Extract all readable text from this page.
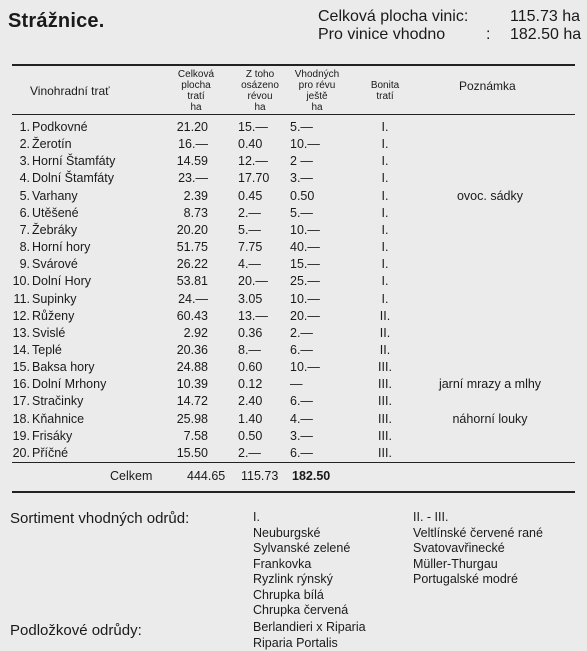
Strážnice.	Celková plocha vinic:	115.73 ha
Pro vinice vhodno	: 182.50 ha
Vinohradní trať
Celková
plocha
tratí
ha
Z toho
osázeno
révou
ha
Vhodných
pro révu
ještě
ha
Bonita
tratí
Poznámka
1. Podkovné	21.20 15.—	5.—	I.
2. Žerotín	16.— 0.40	10.—	I.
3. Horní Štamfáty	14.59 12.—	2 —	I.
4. Dolní Štamfáty	23.— 17.70	3.—	I.
5. Varhany	2.39 0.45	0.50	I.	ovoc. sádky
6. Utěšené	8.73 2.—	5.—	I.
7. Žebráky	20.20 5.—	10.—	I.
8. Horní hory	51.75 7.75	40.—	I.
9. Svárové	26.22 4.—	15.—	I.
10. Dolní Hory	53.81 20.—	25.—	I.
11. Supinky	24.— 3.05	10.—	I.
12. Růženy	60.43 13.—	20.—	II.
13. Svislé	2.92 0.36	2.—	II.
14. Teplé	20.36 8.—	6.—	II.
15. Baksa hory	24.88 0.60	10.—	III.
16. Dolní Mrhony	10.39 0.12	—	III.	jarní mrazy a mlhy
17. Stračinky	14.72 2.40	6.—	III.
18. Kňahnice	25.98 1.40	4.—	III.	náhorní louky
19. Frisáky	7.58 0.50	3.—	III.
20. Příčné	15.50 2.—	6.—	III.
Celkem	444.65 115.73 182.50
Sortiment vhodných odrůd:	I.
Neuburgské
Sylvanské zelené
Frankovka
Ryzlink rýnský
Chrupka bílá
Chrupka červená
II. - III.
Veltlínské červené rané
Svatovavřinecké
Müller-Thurgau
Portugalské modré
Podložkové odrůdy:	Berlandieri x Riparia
Riparia Portalis
